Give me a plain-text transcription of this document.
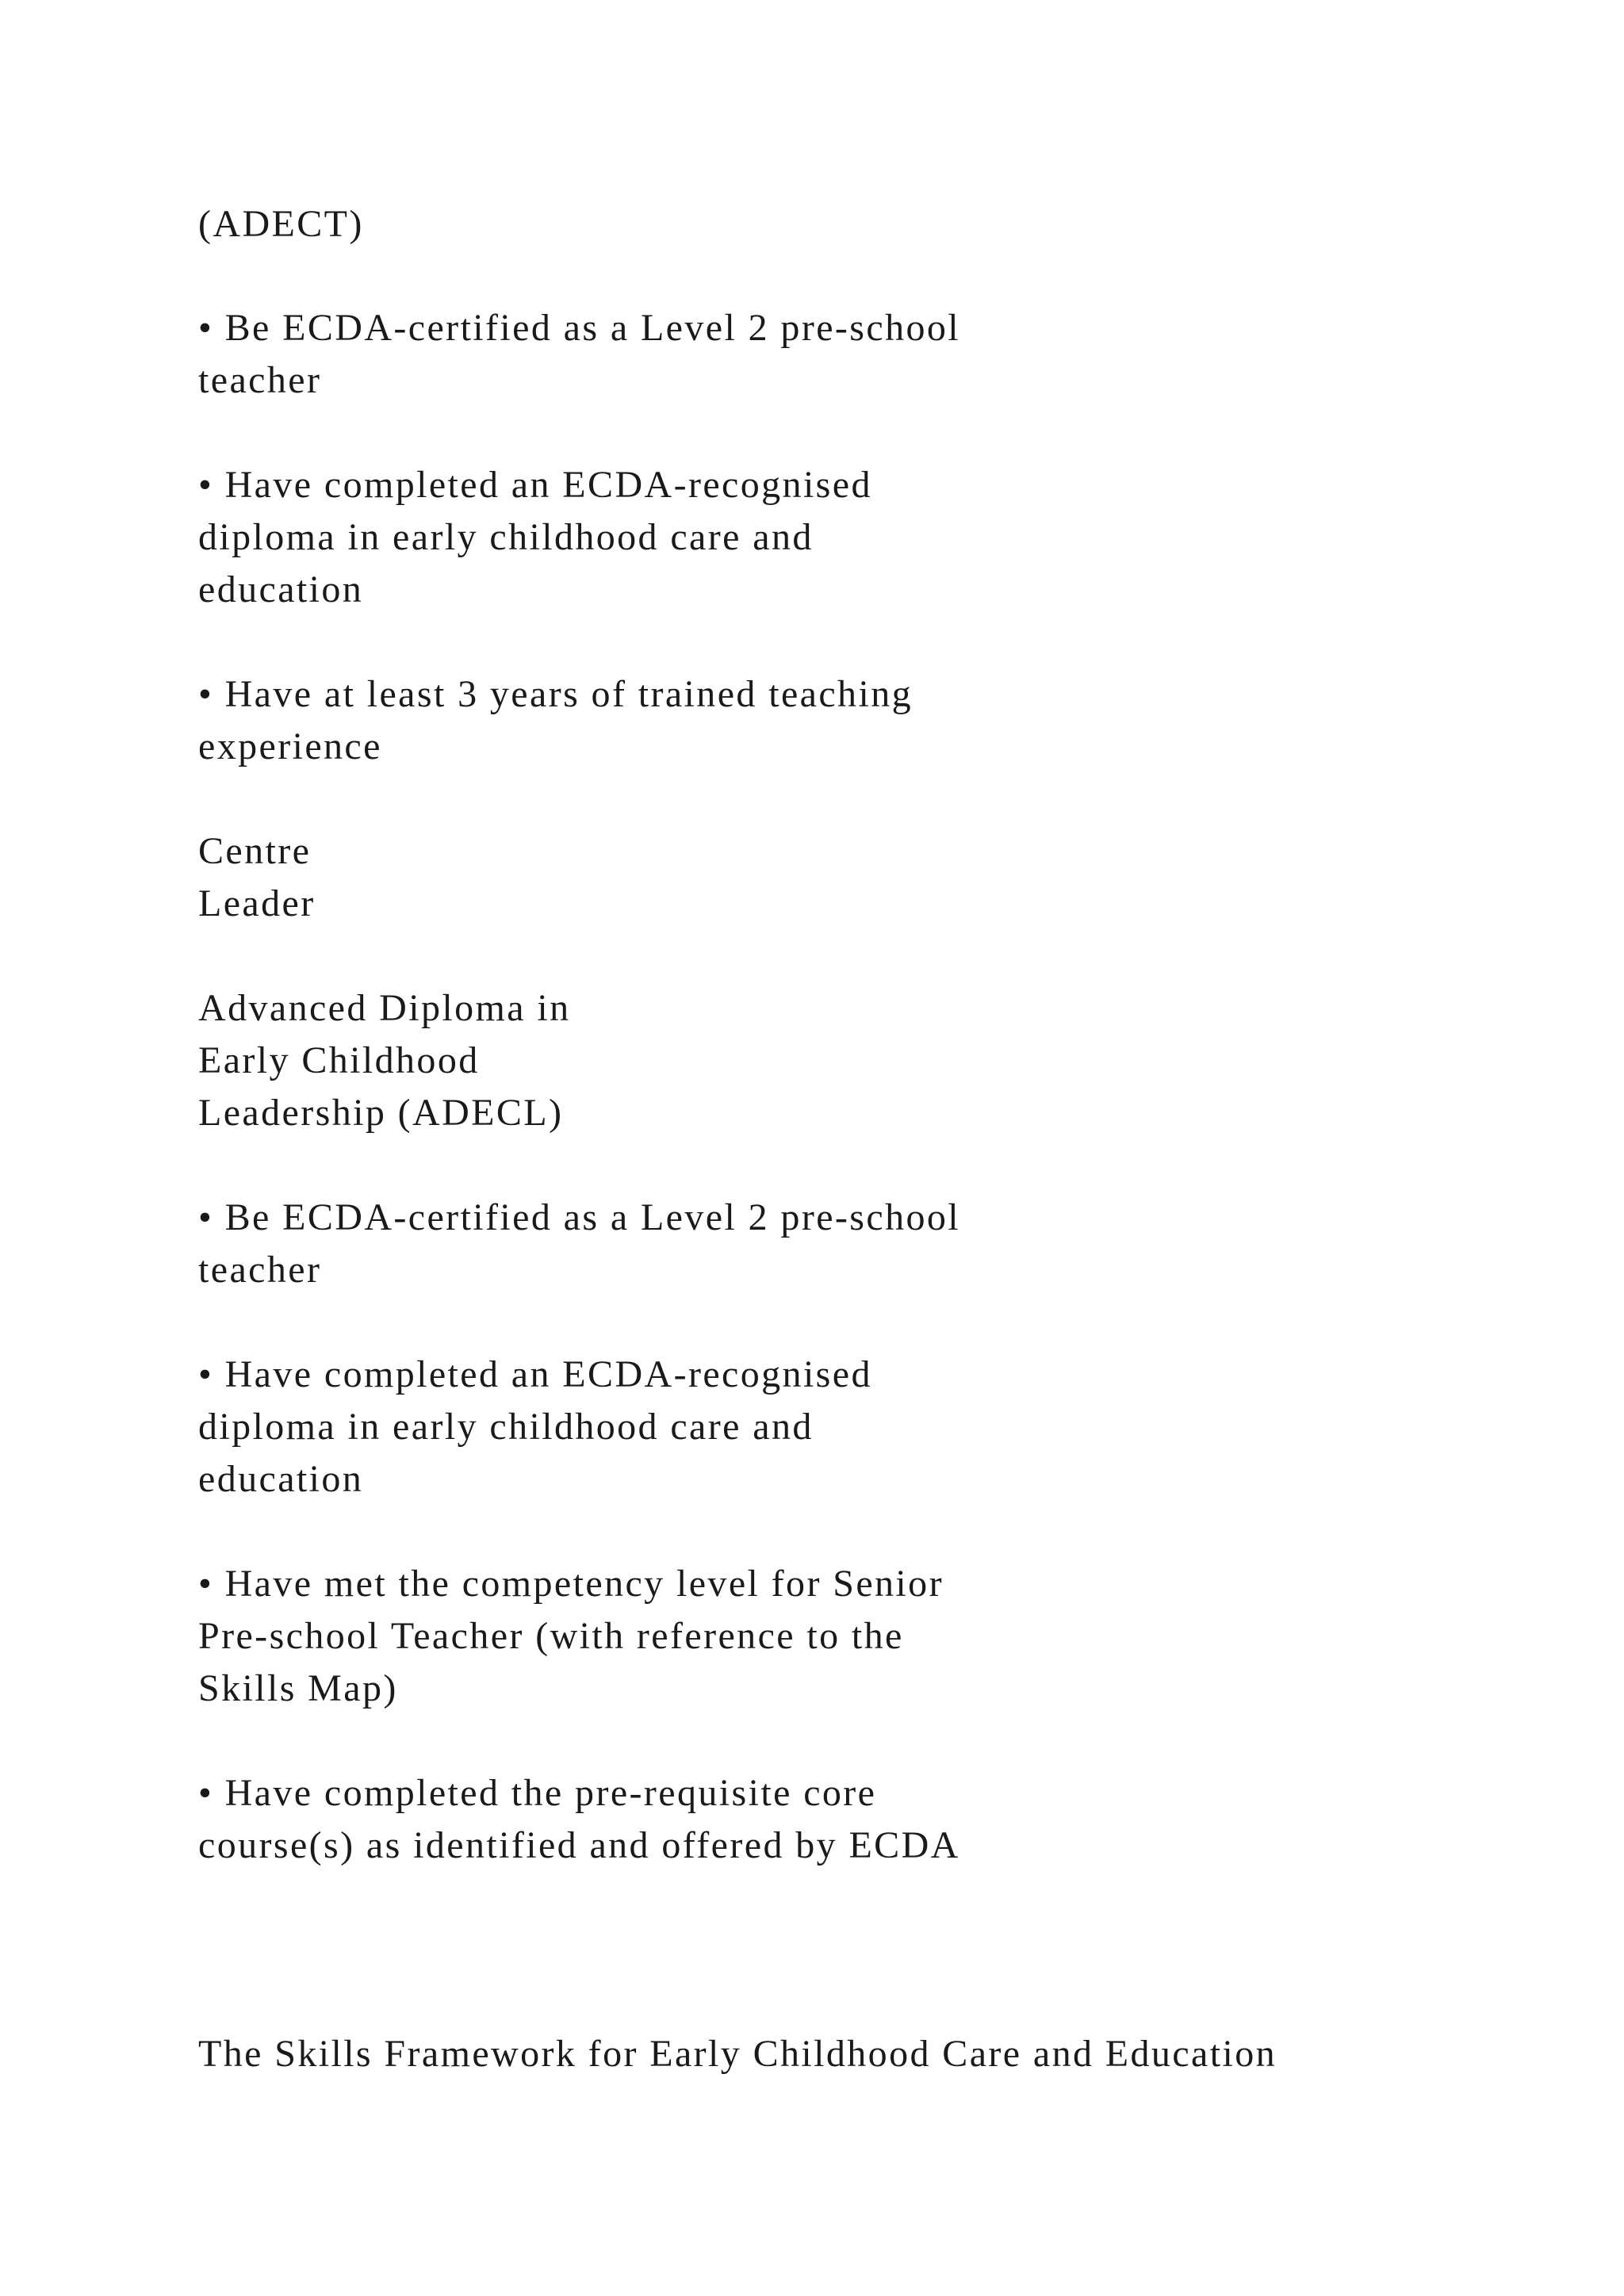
(ADECT)

• Be ECDA-certified as a Level 2 pre-school

teacher

• Have completed an ECDA-recognised

diploma in early childhood care and

education

• Have at least 3 years of trained teaching

experience

Centre

Leader

Advanced Diploma in

Early Childhood

Leadership (ADECL)

• Be ECDA-certified as a Level 2 pre-school

teacher

• Have completed an ECDA-recognised

diploma in early childhood care and

education

• Have met the competency level for Senior

Pre-school Teacher (with reference to the

Skills Map)

• Have completed the pre-requisite core

course(s) as identified and offered by ECDA

The Skills Framework for Early Childhood Care and Education
